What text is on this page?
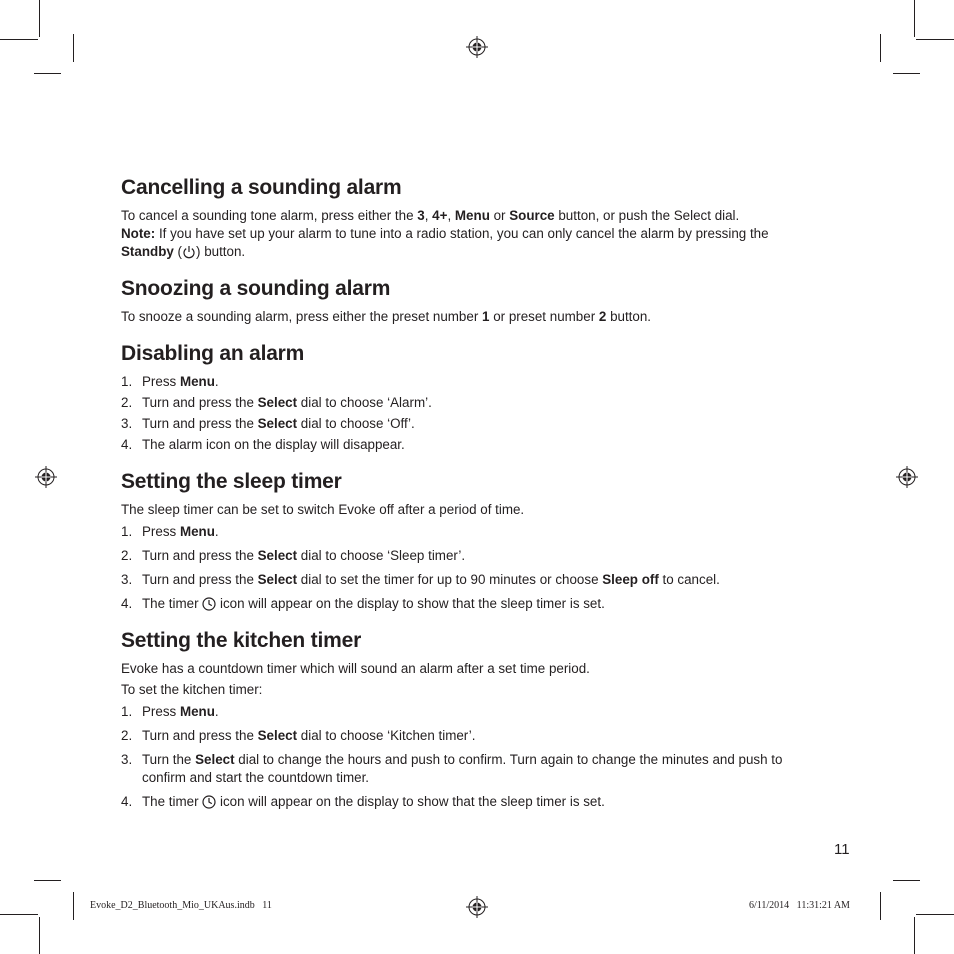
Cancelling a sounding alarm

To cancel a sounding tone alarm, press either the 3, 4+, Menu or Source button, or push the Select dial.

Note: If you have set up your alarm to tune into a radio station, you can only cancel the alarm by pressing the Standby ( ) button.

Snoozing a sounding alarm

To snooze a sounding alarm, press either the preset number 1 or preset number 2 button.

Disabling an alarm
1. Press Menu.
2. Turn and press the Select dial to choose ‘Alarm’.
3. Turn and press the Select dial to choose ‘Off’.
4. The alarm icon on the display will disappear.
Setting the sleep timer

The sleep timer can be set to switch Evoke off after a period of time.

1. Press Menu.
2. Turn and press the Select dial to choose ‘Sleep timer’.
3. Turn and press the Select dial to set the timer for up to 90 minutes or choose Sleep off to cancel.
4. The timer  icon will appear on the display to show that the sleep timer is set.
Setting the kitchen timer

Evoke has a countdown timer which will sound an alarm after a set time period.

To set the kitchen timer:

1. Press Menu.
2. Turn and press the Select dial to choose ‘Kitchen timer’.
3. Turn the Select dial to change the hours and push to confirm. Turn again to change the minutes and push to confirm and start the countdown timer.
4. The timer  icon will appear on the display to show that the sleep timer is set.
11
Evoke_D2_Bluetooth_Mio_UKAus.indb   11	6/11/2014   11:31:21 AM
